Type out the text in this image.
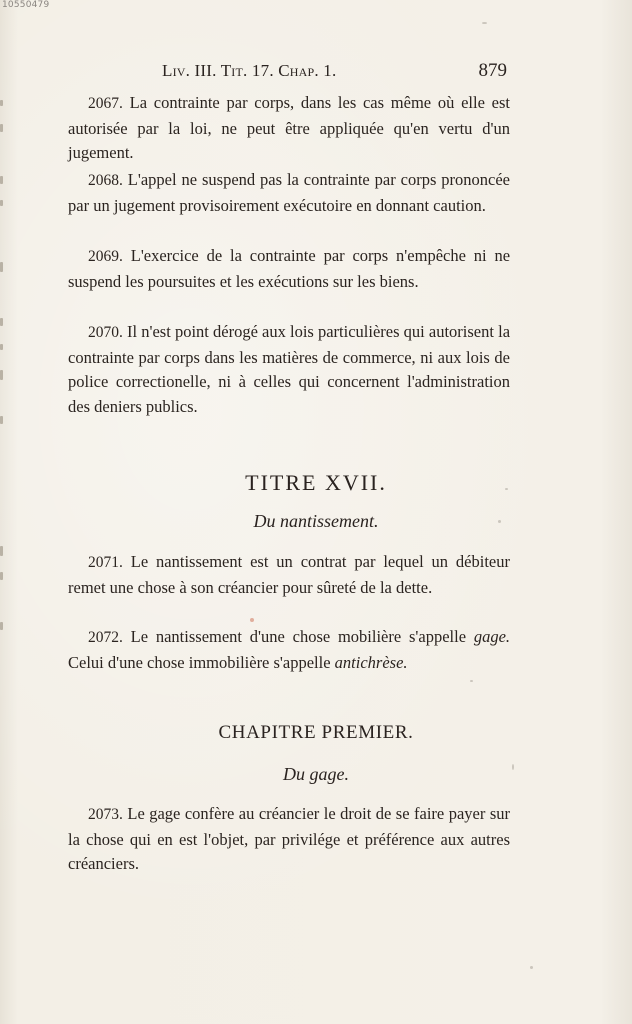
10550479
Liv. III. Tit. 17. Chap. 1.	879

2067. La contrainte par corps, dans les cas même où elle est autorisée par la loi, ne peut être appliquée qu'en vertu d'un jugement.

2068. L'appel ne suspend pas la contrainte par corps prononcée par un jugement provisoirement exécutoire en donnant caution.

2069. L'exercice de la contrainte par corps n'empêche ni ne suspend les poursuites et les exécutions sur les biens.

2070. Il n'est point dérogé aux lois particulières qui autorisent la contrainte par corps dans les matières de commerce, ni aux lois de police correctionelle, ni à celles qui concernent l'administration des deniers publics.

TITRE XVII.
Du nantissement.

2071. Le nantissement est un contrat par lequel un débiteur remet une chose à son créancier pour sûreté de la dette.

2072. Le nantissement d'une chose mobilière s'appelle gage. Celui d'une chose immobilière s'appelle antichrèse.

CHAPITRE PREMIER.
Du gage.

2073. Le gage confère au créancier le droit de se faire payer sur la chose qui en est l'objet, par privilége et préférence aux autres créanciers.
